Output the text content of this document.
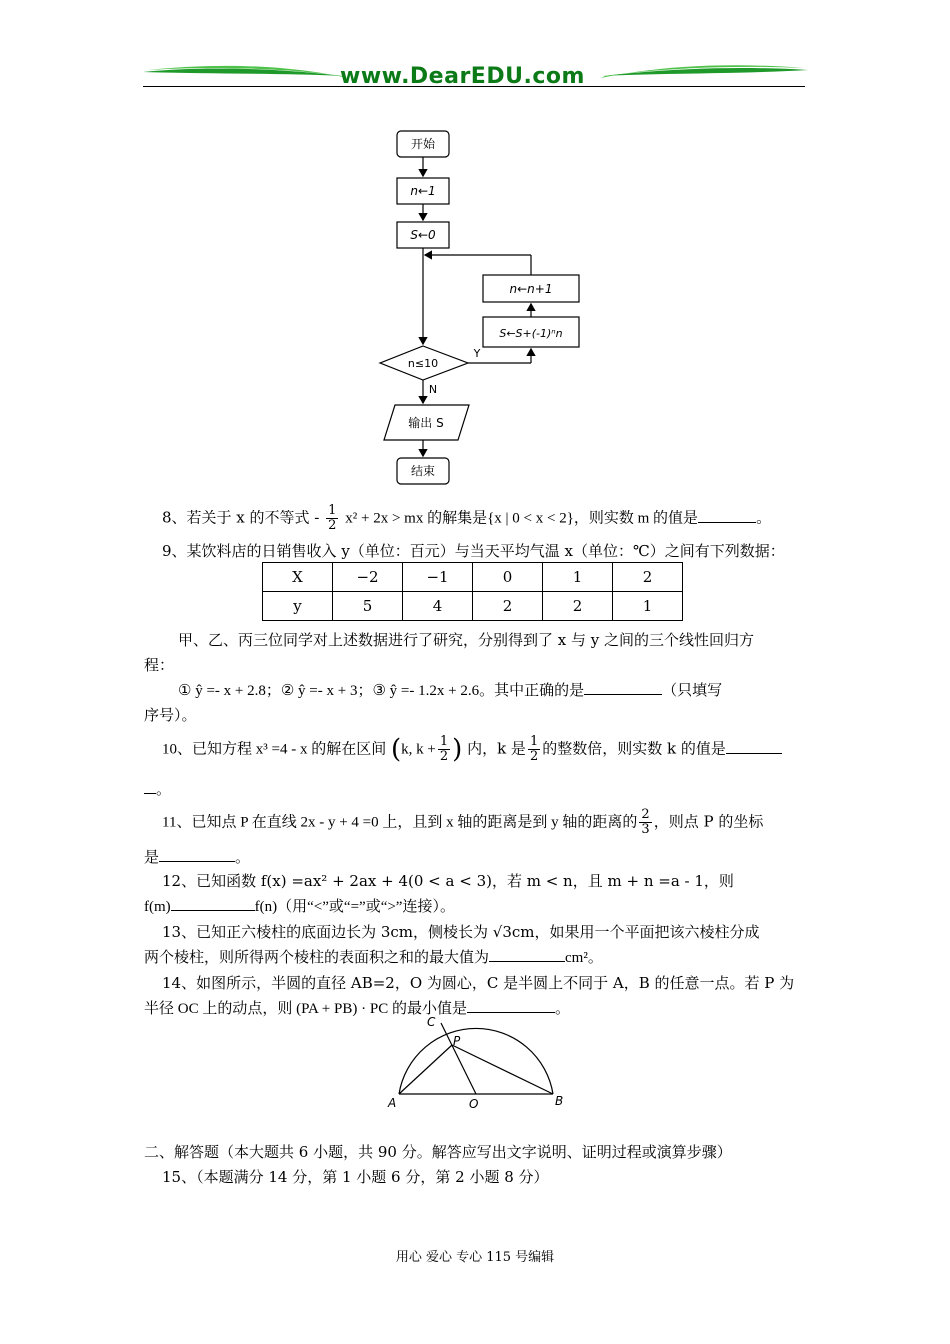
www.DearEDU.com
开始
n←1
S←0
n←n+1
S←S+(-1)ⁿn
n≤10
Y
N
输出 S
结束
8、若关于 x 的不等式 - $\frac{1}{2} x^2 + 2x$ > mx 的解集是{x | 0 < x < 2}，则实数 m 的值是	。
9、某饮料店的日销售收入 y（单位：百元）与当天平均气温 x（单位：℃）之间有下列数据：
X	−2	−1	0	1	2
y	5	4	2	2	1
甲、乙、丙三位同学对上述数据进行了研究，分别得到了 x 与 y 之间的三个线性回归方
程：
① ŷ =- x + 2.8；② ŷ =- x + 3；③ ŷ =- 1.2x + 2.6。其中正确的是	（只填写
序号）。
10、已知方程 x³ =4 - x 的解在区间 (k, $k + \frac{1}{2}$ ) 内，k 是 $\frac{1}{2}$ 的整数倍，则实数 k 的值是
。
11、已知点 P 在直线 2x - y + 4 =0 上，且到 x 轴的距离是到 y 轴的距离的 $\frac{2}{3}$ ，则点 P 的坐标
是	。
12、已知函数 f(x) =ax² + 2ax + 4(0 < a < 3)，若 m < n，且 m + n =a - 1，则
f(m)	f(n)（用“<”或“=”或“>”连接）。
13、已知正六棱柱的底面边长为 3cm，侧棱长为 √3cm，如果用一个平面把该六棱柱分成
两个棱柱，则所得两个棱柱的表面积之和的最大值为	cm²。
14、如图所示，半圆的直径 AB=2，O 为圆心，C 是半圆上不同于 A，B 的任意一点。若 P 为
半径 OC 上的动点，则 (PA + PB) · PC 的最小值是	。
A	B
O
C
P
二、解答题（本大题共 6 小题，共 90 分。解答应写出文字说明、证明过程或演算步骤）
15、（本题满分 14 分，第 1 小题 6 分，第 2 小题 8 分）
用心 爱心 专心 115 号编辑
